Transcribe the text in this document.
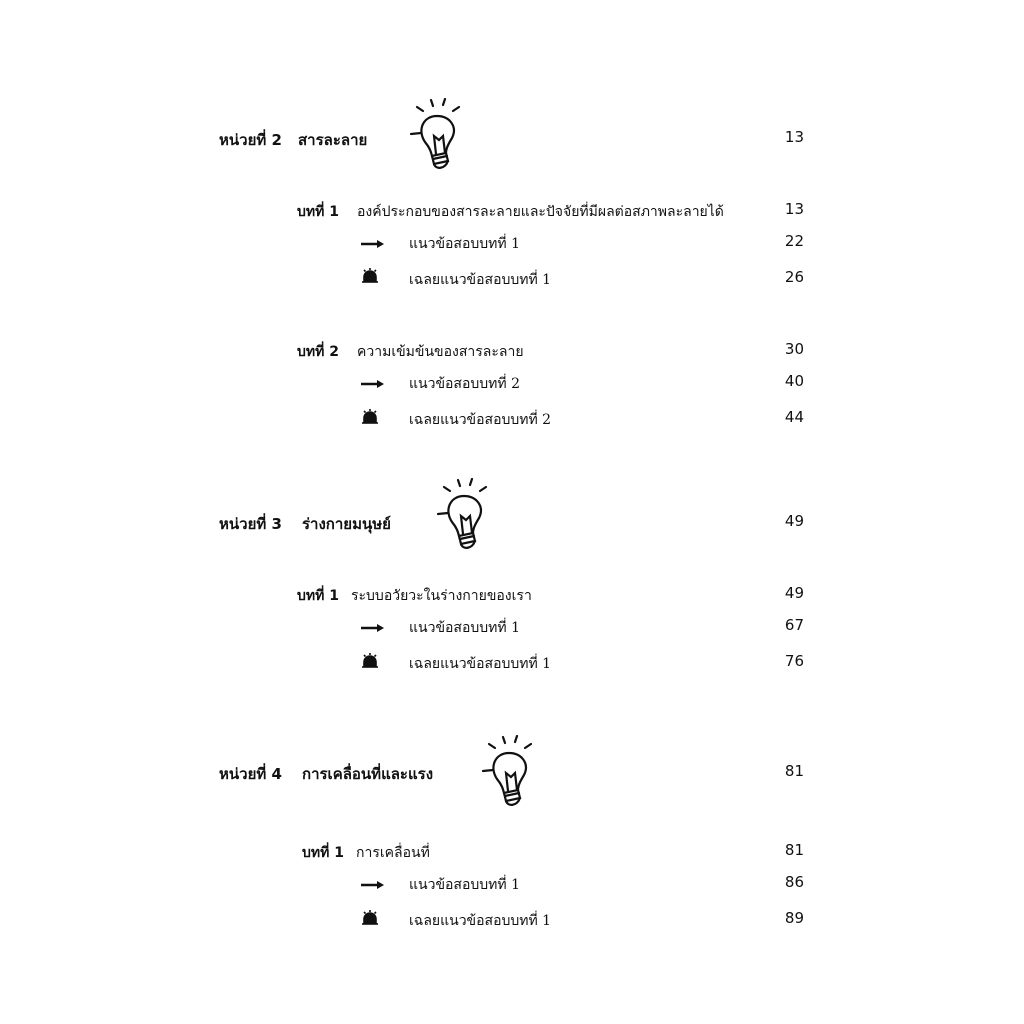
หน่วยที่ 2 สารละลาย	13
บทที่ 1 องค์ประกอบของสารละลายและปัจจัยที่มีผลต่อสภาพละลายได้	13
แนวข้อสอบบทที่ 1	22
เฉลยแนวข้อสอบบทที่ 1	26
บทที่ 2 ความเข้มข้นของสารละลาย	30
แนวข้อสอบบทที่ 2	40
เฉลยแนวข้อสอบบทที่ 2	44
หน่วยที่ 3 ร่างกายมนุษย์	49
บทที่ 1 ระบบอวัยวะในร่างกายของเรา	49
แนวข้อสอบบทที่ 1	67
เฉลยแนวข้อสอบบทที่ 1	76
หน่วยที่ 4 การเคลื่อนที่และแรง	81
บทที่ 1 การเคลื่อนที่	81
แนวข้อสอบบทที่ 1	86
เฉลยแนวข้อสอบบทที่ 1	89
